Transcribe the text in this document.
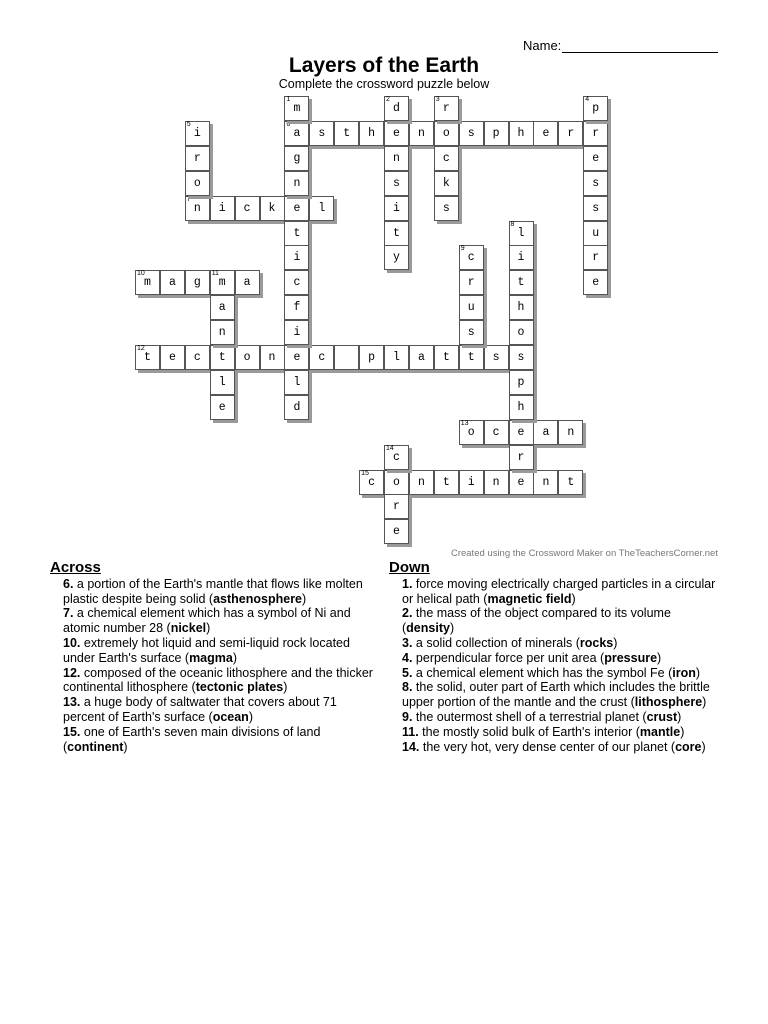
Name:
Layers of the Earth
Complete the crossword puzzle below
6
a	s	t	h	e	n	o	s	p	h	e	r	r
7
n	i	c	k	e	l
10
m	a	g
11
m	a
12
t	e	c	t	o	n	e	c	p	l	a	t	t	s
13
o	c	e	a	n
15
c	o	n	t	i	n	e	n	t
1
m
g
n
t
i
c
f
i
l
d
2
d
n
s
i
t
y
3
r
c
k
s
4
p
e
s
s
u
r
e
5
i
r
o
8
l
i
t
h
o
s
p
h
r
9
c
r
u
s
a
n
l
e
14
c
r
e
Created using the Crossword Maker on TheTeachersCorner.net
Across
6. a portion of the Earth's mantle that flows like molten plastic despite being solid (asthenosphere)
7. a chemical element which has a symbol of Ni and atomic number 28 (nickel)
10. extremely hot liquid and semi-liquid rock located under Earth's surface (magma)
12. composed of the oceanic lithosphere and the thicker continental lithosphere (tectonic plates)
13. a huge body of saltwater that covers about 71 percent of Earth's surface (ocean)
15. one of Earth's seven main divisions of land (continent)
Down
1. force moving electrically charged particles in a circular or helical path (magnetic field)
2. the mass of the object compared to its volume (density)
3. a solid collection of minerals (rocks)
4. perpendicular force per unit area (pressure)
5. a chemical element which has the symbol Fe (iron)
8. the solid, outer part of Earth which includes the brittle upper portion of the mantle and the crust (lithosphere)
9. the outermost shell of a terrestrial planet (crust)
11. the mostly solid bulk of Earth's interior (mantle)
14. the very hot, very dense center of our planet (core)
